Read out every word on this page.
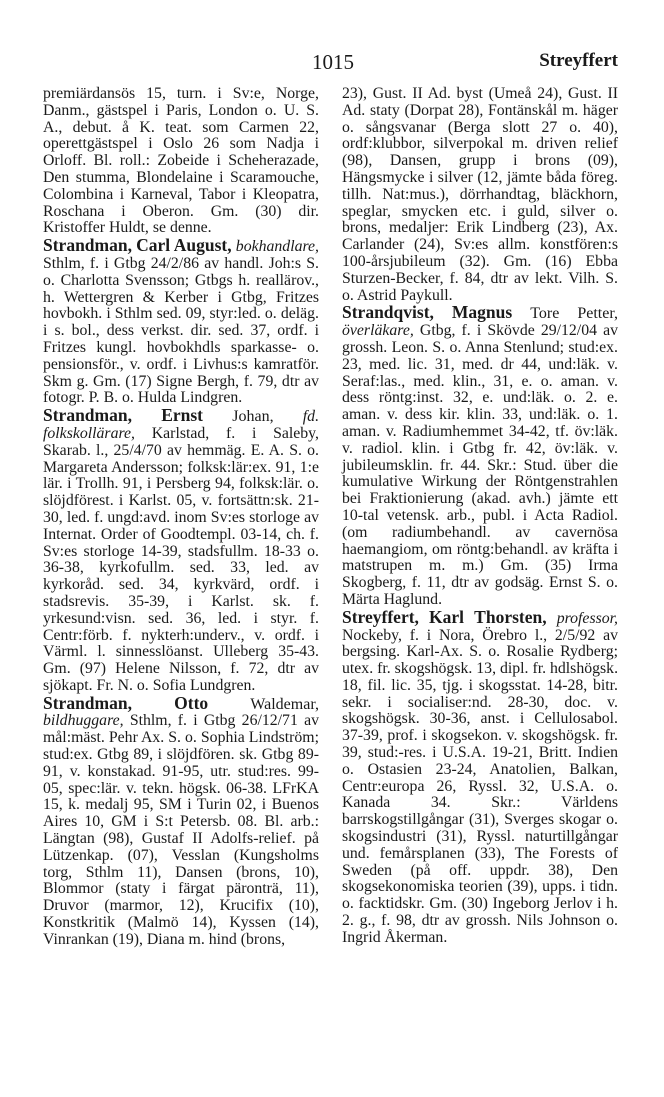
1015	Streyffert

premiärdansös 15, turn. i Sv:e, Norge, Danm., gästspel i Paris, London o. U. S. A., debut. å K. teat. som Carmen 22, operettgästspel i Oslo 26 som Nadja i Orloff. Bl. roll.: Zobeide i Scheherazade, Den stumma, Blondelaine i Scaramouche, Colombina i Karneval, Tabor i Kleopatra, Roschana i Oberon. Gm. (30) dir. Kristoffer Huldt, se denne.

Strandman, Carl August, bokhandlare, Sthlm, f. i Gtbg 24/2/86 av handl. Joh:s S. o. Charlotta Svensson; Gtbgs h. reallärov., h. Wettergren & Kerber i Gtbg, Fritzes hovbokh. i Sthlm sed. 09, styr:led. o. deläg. i s. bol., dess verkst. dir. sed. 37, ordf. i Fritzes kungl. hovbokhdls sparkasse- o. pensionsför., v. ordf. i Livhus:s kamratför. Skm g. Gm. (17) Signe Bergh, f. 79, dtr av fotogr. P. B. o. Hulda Lindgren.

Strandman, Ernst Johan, fd. folkskollärare, Karlstad, f. i Saleby, Skarab. l., 25/4/70 av hemmäg. E. A. S. o. Margareta Andersson; folksk:lär:ex. 91, 1:e lär. i Trollh. 91, i Persberg 94, folksk:lär. o. slöjdförest. i Karlst. 05, v. fortsättn:sk. 21-30, led. f. ungd:avd. inom Sv:es storloge av Internat. Order of Goodtempl. 03-14, ch. f. Sv:es storloge 14-39, stadsfullm. 18-33 o. 36-38, kyrkofullm. sed. 33, led. av kyrkoråd. sed. 34, kyrkvärd, ordf. i stadsrevis. 35-39, i Karlst. sk. f. yrkesund:visn. sed. 36, led. i styr. f. Centr:förb. f. nykterh:underv., v. ordf. i Värml. l. sinnesslöanst. Ulleberg 35-43. Gm. (97) Helene Nilsson, f. 72, dtr av sjökapt. Fr. N. o. Sofia Lundgren.

Strandman, Otto	Waldemar, bildhuggare, Sthlm, f. i Gtbg 26/12/71 av mål:mäst. Pehr Ax. S. o. Sophia Lindström; stud:ex. Gtbg 89, i slöjdfören. sk. Gtbg 89-91, v. konstakad. 91-95, utr. stud:res. 99-05, spec:lär. v. tekn. högsk. 06-38. LFrKA 15, k. medalj 95, SM i Turin 02, i Buenos Aires 10, GM i S:t Petersb. 08. Bl. arb.: Längtan (98), Gustaf II Adolfs-relief. på Lützenkap. (07), Vesslan (Kungsholms torg, Sthlm 11), Dansen (brons, 10), Blommor (staty i färgat päronträ, 11), Druvor (marmor, 12), Krucifix (10), Konstkritik (Malmö 14), Kyssen (14), Vinrankan (19), Diana m. hind (brons,

23), Gust. II Ad. byst (Umeå 24), Gust. II Ad. staty (Dorpat 28), Fontänskål m. häger o. sångsvanar (Berga slott 27 o. 40), ordf:klubbor, silverpokal m. driven relief (98), Dansen, grupp i brons (09), Hängsmycke i silver (12, jämte båda föreg. tillh. Nat:mus.), dörrhandtag, bläckhorn, speglar, smycken etc. i guld, silver o. brons, medaljer: Erik Lindberg (23), Ax. Carlander (24), Sv:es allm. konstfören:s 100-årsjubileum (32). Gm. (16) Ebba Sturzen-Becker, f. 84, dtr av lekt. Vilh. S. o. Astrid Paykull.

Strandqvist, Magnus Tore Petter, överläkare, Gtbg, f. i Skövde 29/12/04 av grossh. Leon. S. o. Anna Stenlund; stud:ex. 23, med. lic. 31, med. dr 44, und:läk. v. Seraf:las., med. klin., 31, e. o. aman. v. dess röntg:inst. 32, e. und:läk. o. 2. e. aman. v. dess kir. klin. 33, und:läk. o. 1. aman. v. Radiumhemmet 34-42, tf. öv:läk. v. radiol. klin. i Gtbg fr. 42, öv:läk. v. jubileumsklin. fr. 44. Skr.: Stud. über die kumulative Wirkung der Röntgenstrahlen bei Fraktionierung (akad. avh.) jämte ett 10-tal vetensk. arb., publ. i Acta Radiol. (om radiumbehandl. av cavernösa haemangiom, om röntg:behandl. av kräfta i matstrupen m. m.) Gm. (35) Irma Skogberg, f. 11, dtr av godsäg. Ernst S. o. Märta Haglund.

Streyffert, Karl Thorsten, professor, Nockeby, f. i Nora, Örebro l., 2/5/92 av bergsing. Karl-Ax. S. o. Rosalie Rydberg; utex. fr. skogshögsk. 13, dipl. fr. hdlshögsk. 18, fil. lic. 35, tjg. i skogsstat. 14-28, bitr. sekr. i socialiser:nd. 28-30, doc. v. skogshögsk. 30-36, anst. i Cellulosabol. 37-39, prof. i skogsekon. v. skogshögsk. fr. 39, stud:-res. i U.S.A. 19-21, Britt. Indien o. Ostasien 23-24, Anatolien, Balkan, Centr:europa 26, Ryssl. 32, U.S.A. o. Kanada 34. Skr.: Världens barrskogstillgångar (31), Sverges skogar o. skogsindustri (31), Ryssl. naturtillgångar und. femårsplanen (33), The Forests of Sweden (på off. uppdr. 38), Den skogsekonomiska teorien (39), upps. i tidn. o. facktidskr. Gm. (30) Ingeborg Jerlov i h. 2. g., f. 98, dtr av grossh. Nils Johnson o. Ingrid Åkerman.
